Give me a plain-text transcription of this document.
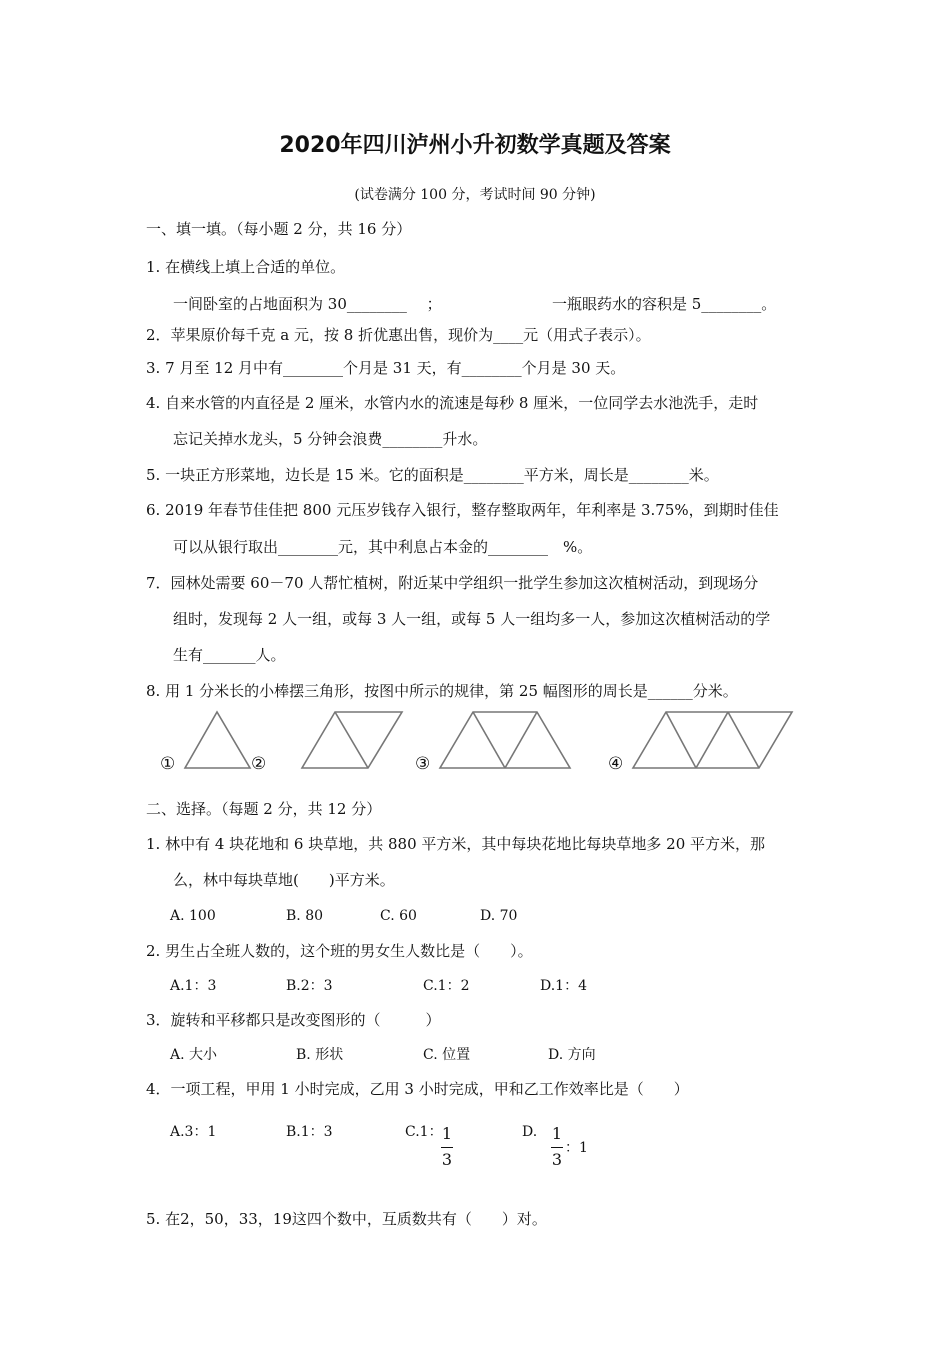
2020年四川泸州小升初数学真题及答案
(试卷满分 100 分，考试时间 90 分钟)
一、填一填。（每小题 2 分，共 16 分）
1. 在横线上填上合适的单位。
一间卧室的占地面积为 30________　 ；	一瓶眼药水的容积是 5________。
2．苹果原价每千克 a 元，按 8 折优惠出售，现价为____元（用式子表示）。
3. 7 月至 12 月中有________个月是 31 天，有________个月是 30 天。
4. 自来水管的内直径是 2 厘米，水管内水的流速是每秒 8 厘米，一位同学去水池洗手，走时
忘记关掉水龙头，5 分钟会浪费________升水。
5. 一块正方形菜地，边长是 15 米。它的面积是________平方米，周长是________米。
6. 2019 年春节佳佳把 800 元压岁钱存入银行，整存整取两年，年利率是 3.75%，到期时佳佳
可以从银行取出________元，其中利息占本金的________　%。
7．园林处需要 60－70 人帮忙植树，附近某中学组织一批学生参加这次植树活动，到现场分
组时，发现每 2 人一组，或每 3 人一组，或每 5 人一组均多一人，参加这次植树活动的学
生有_______人。
8. 用 1 分米长的小棒摆三角形，按图中所示的规律，第 25 幅图形的周长是______分米。
①	②	③	④
二、选择。（每题 2 分，共 12 分）
1. 林中有 4 块花地和 6 块草地，共 880 平方米，其中每块花地比每块草地多 20 平方米，那
么，林中每块草地(　　)平方米。
A. 100	B. 80	C. 60	D. 70
2. 男生占全班人数的，这个班的男女生人数比是（　　）。
A.1：3	B.2：3	C.1：2	D.1：4
3．旋转和平移都只是改变图形的（　　　）
A. 大小	B. 形状	C. 位置	D. 方向
4．一项工程，甲用 1 小时完成，乙用 3 小时完成，甲和乙工作效率比是（　　）
A.3：1	B.1：3	C.1： 1
3
D. 1
3
：1
5. 在2，50，33，19这四个数中，互质数共有（　　）对。
